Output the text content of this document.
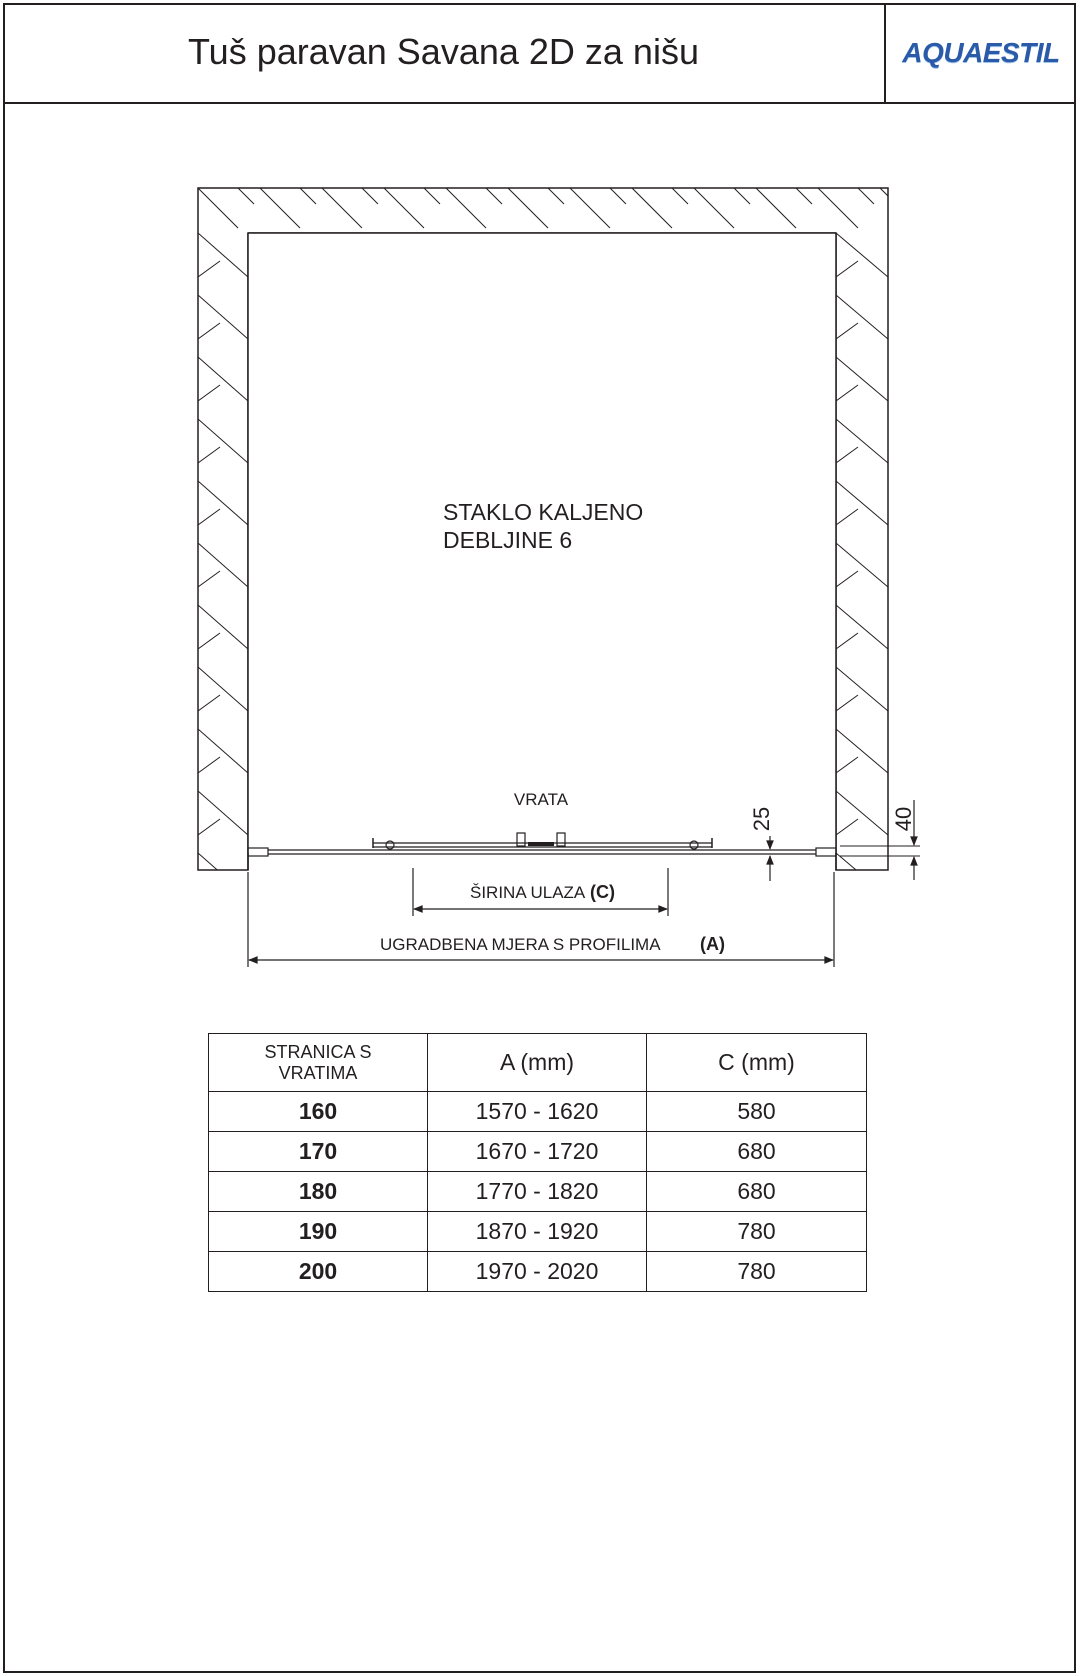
Tuš paravan Savana 2D za nišu	AQUAESTIL
STAKLO KALJENO
DEBLJINE 6
VRATA
25	40
ŠIRINA ULAZA (C)
UGRADBENA MJERA S PROFILIMA (A)
STRANICA S
VRATIMA	A (mm)	C (mm)
160	1570 - 1620	580
170	1670 - 1720	680
180	1770 - 1820	680
190	1870 - 1920	780
200	1970 - 2020	780
